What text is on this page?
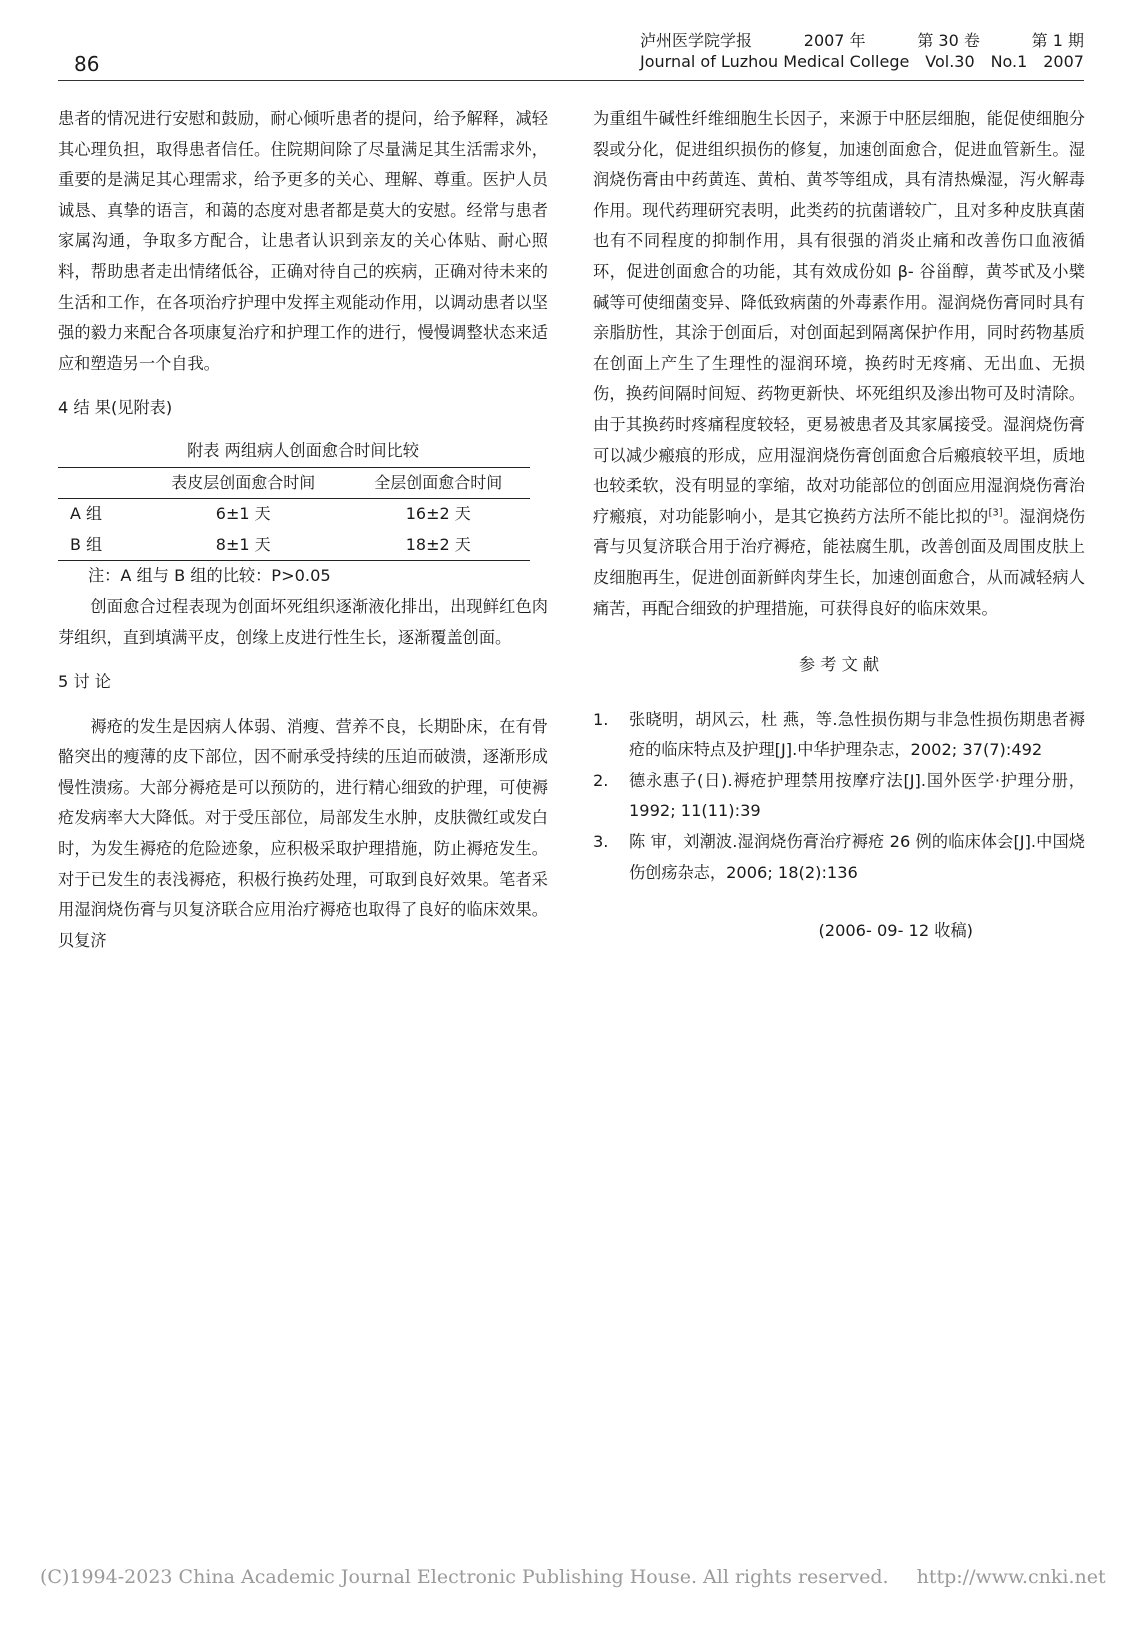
86
泸州医学院学报	2007 年	第 30 卷	第 1 期
Journal of Luzhou Medical College Vol.30 No.1 2007

患者的情况进行安慰和鼓励，耐心倾听患者的提问，给予解释，减轻其心理负担，取得患者信任。住院期间除了尽量满足其生活需求外，重要的是满足其心理需求，给予更多的关心、理解、尊重。医护人员诚恳、真挚的语言，和蔼的态度对患者都是莫大的安慰。经常与患者家属沟通，争取多方配合，让患者认识到亲友的关心体贴、耐心照料，帮助患者走出情绪低谷，正确对待自己的疾病，正确对待未来的生活和工作，在各项治疗护理中发挥主观能动作用，以调动患者以坚强的毅力来配合各项康复治疗和护理工作的进行，慢慢调整状态来适应和塑造另一个自我。

4 结 果(见附表)

附表 两组病人创面愈合时间比较

	表皮层创面愈合时间	全层创面愈合时间
A 组	6±1 天	16±2 天
B 组	8±1 天	18±2 天

注：A 组与 B 组的比较：P>0.05

创面愈合过程表现为创面坏死组织逐渐液化排出，出现鲜红色肉芽组织，直到填满平皮，创缘上皮进行性生长，逐渐覆盖创面。

5 讨 论

褥疮的发生是因病人体弱、消瘦、营养不良，长期卧床，在有骨骼突出的瘦薄的皮下部位，因不耐承受持续的压迫而破溃，逐渐形成慢性溃疡。大部分褥疮是可以预防的，进行精心细致的护理，可使褥疮发病率大大降低。对于受压部位，局部发生水肿，皮肤微红或发白时，为发生褥疮的危险迹象，应积极采取护理措施，防止褥疮发生。对于已发生的表浅褥疮，积极行换药处理，可取到良好效果。笔者采用湿润烧伤膏与贝复济联合应用治疗褥疮也取得了良好的临床效果。贝复济

为重组牛碱性纤维细胞生长因子，来源于中胚层细胞，能促使细胞分裂或分化，促进组织损伤的修复，加速创面愈合，促进血管新生。湿润烧伤膏由中药黄连、黄柏、黄芩等组成，具有清热燥湿，泻火解毒作用。现代药理研究表明，此类药的抗菌谱较广，且对多种皮肤真菌也有不同程度的抑制作用，具有很强的消炎止痛和改善伤口血液循环，促进创面愈合的功能，其有效成份如 β- 谷甾醇，黄芩甙及小檗碱等可使细菌变异、降低致病菌的外毒素作用。湿润烧伤膏同时具有亲脂肪性，其涂于创面后，对创面起到隔离保护作用，同时药物基质在创面上产生了生理性的湿润环境，换药时无疼痛、无出血、无损伤，换药间隔时间短、药物更新快、坏死组织及渗出物可及时清除。由于其换药时疼痛程度较轻，更易被患者及其家属接受。湿润烧伤膏可以减少瘢痕的形成，应用湿润烧伤膏创面愈合后瘢痕较平坦，质地也较柔软，没有明显的挛缩，故对功能部位的创面应用湿润烧伤膏治疗瘢痕，对功能影响小，是其它换药方法所不能比拟的[3]。湿润烧伤膏与贝复济联合用于治疗褥疮，能祛腐生肌，改善创面及周围皮肤上皮细胞再生，促进创面新鲜肉芽生长，加速创面愈合，从而减轻病人痛苦，再配合细致的护理措施，可获得良好的临床效果。

参 考 文 献

1.	张晓明，胡风云，杜 燕，等.急性损伤期与非急性损伤期患者褥疮的临床特点及护理[J].中华护理杂志，2002; 37(7):492
2.	德永惠子(日).褥疮护理禁用按摩疗法[J].国外医学·护理分册，1992; 11(11):39
3.	陈 审，刘潮波.湿润烧伤膏治疗褥疮 26 例的临床体会[J].中国烧伤创疡杂志，2006; 18(2):136

(2006- 09- 12 收稿)

(C)1994-2023 China Academic Journal Electronic Publishing House. All rights reserved. http://www.cnki.net
